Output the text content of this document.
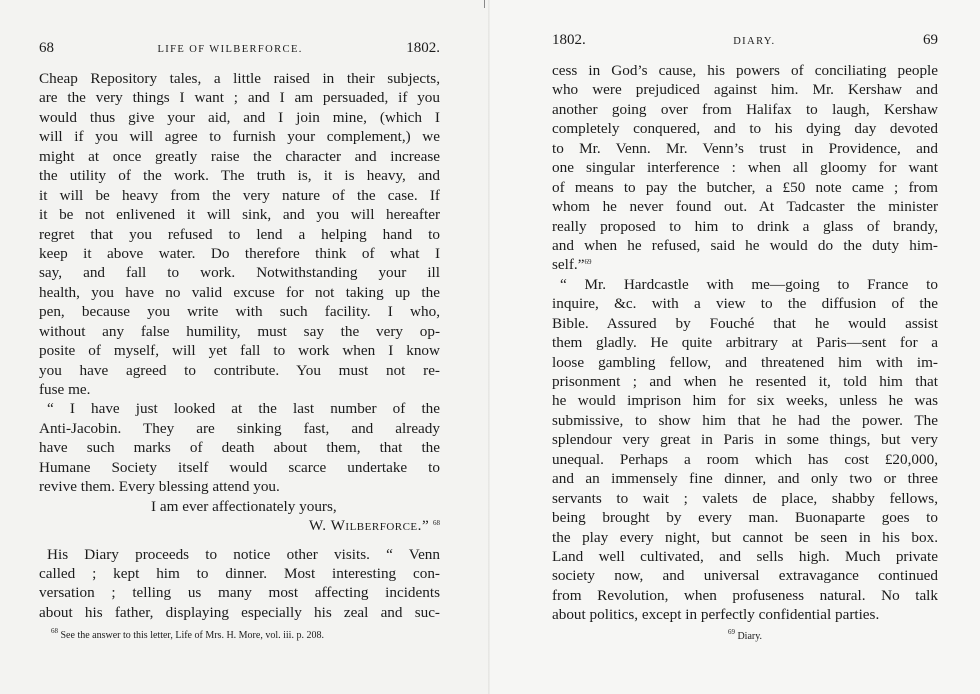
68	LIFE OF WILBERFORCE.	1802.
Cheap Repository tales, a little raised in their subjects,
are the very things I want ; and I am persuaded, if you
would thus give your aid, and I join mine, (which I
will if you will agree to furnish your complement,) we
might at once greatly raise the character and increase
the utility of the work. The truth is, it is heavy, and
it will be heavy from the very nature of the case. If
it be not enlivened it will sink, and you will hereafter
regret that you refused to lend a helping hand to
keep it above water. Do therefore think of what I
say, and fall to work. Notwithstanding your ill
health, you have no valid excuse for not taking up the
pen, because you write with such facility. I who,
without any false humility, must say the very op-
posite of myself, will yet fall to work when I know
you have agreed to contribute. You must not re-
fuse me.
“ I have just looked at the last number of the
Anti-Jacobin. They are sinking fast, and already
have such marks of death about them, that the
Humane Society itself would scarce undertake to
revive them. Every blessing attend you.
I am ever affectionately yours,
W. Wilberforce.” $^{68}$
His Diary proceeds to notice other visits. “ Venn
called ; kept him to dinner. Most interesting con-
versation ; telling us many most affecting incidents
about his father, displaying especially his zeal and suc-
$^{68}$ See the answer to this letter, Life of Mrs. H. More, vol. iii. p. 208.
1802.	DIARY.	69
cess in God’s cause, his powers of conciliating people
who were prejudiced against him. Mr. Kershaw and
another going over from Halifax to laugh, Kershaw
completely conquered, and to his dying day devoted
to Mr. Venn. Mr. Venn’s trust in Providence, and
one singular interference : when all gloomy for want
of means to pay the butcher, a £50 note came ; from
whom he never found out. At Tadcaster the minister
really proposed to him to drink a glass of brandy,
and when he refused, said he would do the duty him-
self.”$^{69}$
“ Mr. Hardcastle with me—going to France to
inquire, &c. with a view to the diffusion of the
Bible. Assured by Fouché that he would assist
them gladly. He quite arbitrary at Paris—sent for a
loose gambling fellow, and threatened him with im-
prisonment ; and when he resented it, told him that
he would imprison him for six weeks, unless he was
submissive, to show him that he had the power. The
splendour very great in Paris in some things, but very
unequal. Perhaps a room which has cost £20,000,
and an immensely fine dinner, and only two or three
servants to wait ; valets de place, shabby fellows,
being brought by every man. Buonaparte goes to
the play every night, but cannot be seen in his box.
Land well cultivated, and sells high. Much private
society now, and universal extravagance continued
from Revolution, when profuseness natural. No talk
about politics, except in perfectly confidential parties.
$^{69}$ Diary.
